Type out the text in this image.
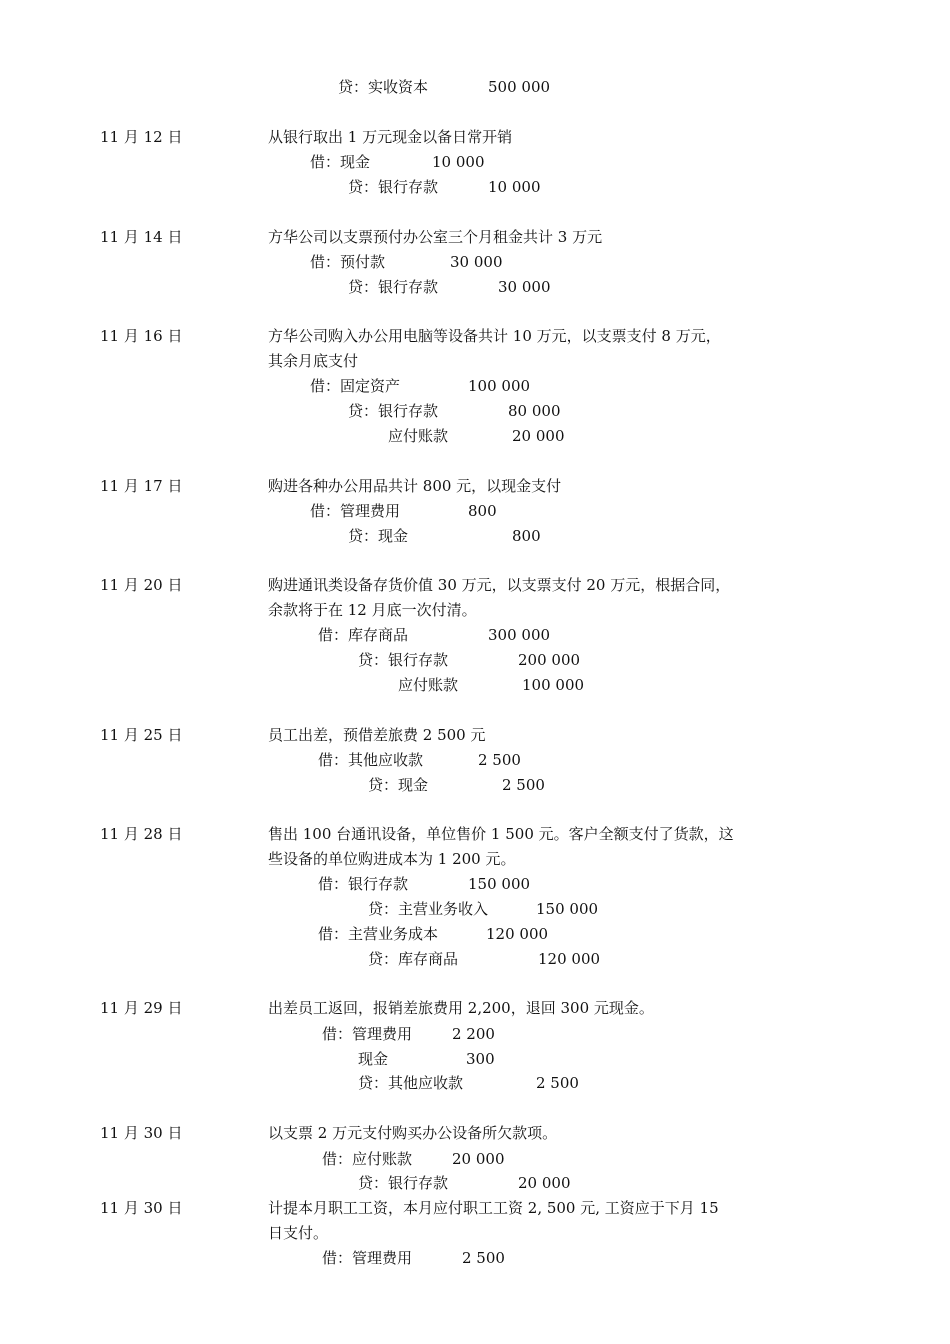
贷：实收资本	500 000
11 月 12 日	从银行取出 1 万元现金以备日常开销
借：现金	10 000
贷：银行存款	10 000
11 月 14 日	方华公司以支票预付办公室三个月租金共计 3 万元
借：预付款	30 000
贷：银行存款	30 000
11 月 16 日	方华公司购入办公用电脑等设备共计 10 万元，以支票支付 8 万元，
其余月底支付
借：固定资产	100 000
贷：银行存款	80 000
应付账款	20 000
11 月 17 日	购进各种办公用品共计 800 元，以现金支付
借：管理费用	800
贷：现金	800
11 月 20 日	购进通讯类设备存货价值 30 万元，以支票支付 20 万元，根据合同，
余款将于在 12 月底一次付清。
借：库存商品	300 000
贷：银行存款	200 000
应付账款	100 000
11 月 25 日	员工出差，预借差旅费 2 500 元
借：其他应收款	2 500
贷：现金	2 500
11 月 28 日	售出 100 台通讯设备，单位售价 1 500 元。客户全额支付了货款，这
些设备的单位购进成本为 1 200 元。
借：银行存款	150 000
贷：主营业务收入	150 000
借：主营业务成本	120 000
贷：库存商品	120 000
11 月 29 日	出差员工返回，报销差旅费用 2,200，退回 300 元现金。
借：管理费用	2 200
现金	300
贷：其他应收款	2 500
11 月 30 日	以支票 2 万元支付购买办公设备所欠款项。
借：应付账款	20 000
贷：银行存款	20 000
11 月 30 日	计提本月职工工资，本月应付职工工资 2, 500 元, 工资应于下月 15
日支付。
借：管理费用	2 500
